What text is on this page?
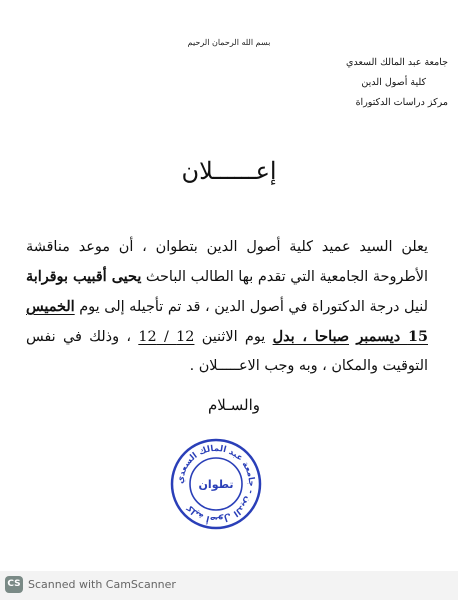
بسم الله الرحمان الرحيم
جامعة عبد المالك السعدي
كلية أصول الدين
مركز دراسات الدكتوراة
إعــــــلان
يعلن السيد عميد كلية أصول الدين بتطوان ، أن موعد مناقشة الأطروحة الجامعية التي تقدم بها الطالب الباحث يحيى أقبيب بوقرابة لنيل درجة الدكتوراة في أصول الدين ، قد تم تأجيله إلى يوم الخميس 15 ديسمبر صباحا ، بدل يوم الاثنين 12 / 12 ، وذلك في نفس التوقيت والمكان ، وبه وجب الاعـــــلان .
والسـلام
كلية أصول الدين - جامعة عبد المالك السعدي
تطوان
CS Scanned with CamScanner
